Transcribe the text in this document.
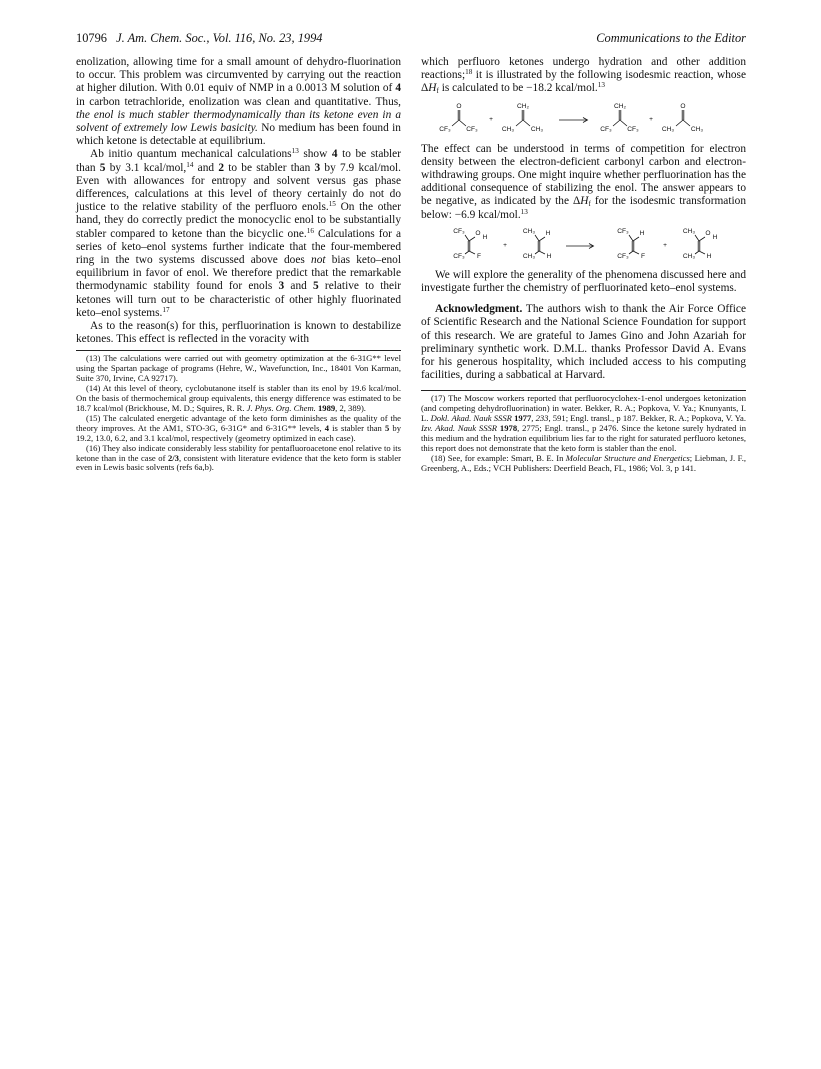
10796 J. Am. Chem. Soc., Vol. 116, No. 23, 1994	Communications to the Editor

enolization, allowing time for a small amount of dehydro-fluorination to occur. This problem was circumvented by carrying out the reaction at higher dilution. With 0.01 equiv of NMP in a 0.0013 M solution of 4 in carbon tetrachloride, enolization was clean and quantitative. Thus, the enol is much stabler thermodynamically than its ketone even in a solvent of extremely low Lewis basicity. No medium has been found in which ketone is detectable at equilibrium.

Ab initio quantum mechanical calculations$^{13}$ show 4 to be stabler than 5 by 3.1 kcal/mol,$^{14}$ and 2 to be stabler than 3 by 7.9 kcal/mol. Even with allowances for entropy and solvent versus gas phase differences, calculations at this level of theory certainly do not do justice to the relative stability of the perfluoro enols.$^{15}$ On the other hand, they do correctly predict the monocyclic enol to be substantially stabler compared to ketone than the bicyclic one.$^{16}$ Calculations for a series of keto–enol systems further indicate that the four-membered ring in the two systems discussed above does not bias keto–enol equilibrium in favor of enol. We therefore predict that the remarkable thermodynamic stability found for enols 3 and 5 relative to their ketones will turn out to be characteristic of other highly fluorinated keto–enol systems.$^{17}$

As to the reason(s) for this, perfluorination is known to destabilize ketones. This effect is reflected in the voracity with

(13) The calculations were carried out with geometry optimization at the 6-31G** level using the Spartan package of programs (Hehre, W., Wavefunction, Inc., 18401 Von Karman, Suite 370, Irvine, CA 92717).

(14) At this level of theory, cyclobutanone itself is stabler than its enol by 19.6 kcal/mol. On the basis of thermochemical group equivalents, this energy difference was estimated to be 18.7 kcal/mol (Brickhouse, M. D.; Squires, R. R. J. Phys. Org. Chem. 1989, 2, 389).

(15) The calculated energetic advantage of the keto form diminishes as the quality of the theory improves. At the AM1, STO-3G, 6-31G* and 6-31G** levels, 4 is stabler than 5 by 19.2, 13.0, 6.2, and 3.1 kcal/mol, respectively (geometry optimized in each case).

(16) They also indicate considerably less stability for pentafluoroacetone enol relative to its ketone than in the case of 2/3, consistent with literature evidence that the keto form is stabler even in Lewis basic solvents (refs 6a,b).

which perfluoro ketones undergo hydration and other addition reactions;$^{18}$ it is illustrated by the following isodesmic reaction, whose $\Delta H_f$ is calculated to be −18.2 kcal/mol.$^{13}$

O
CF₃ CF₃
+
CH₂
CH₃	CH₃
CH₂
CF₃ CF₃
+
O
CH₃	CH₃

The effect can be understood in terms of competition for electron density between the electron-deficient carbonyl carbon and electron-withdrawing groups. One might inquire whether perfluorination has the additional consequence of stabilizing the enol. The answer appears to be negative, as indicated by the $\Delta H_f$ for the isodesmic transformation below: −6.9 kcal/mol.$^{13}$

CF₃
CF₃
O
H
F
+
CH₃
CH₃
H
H
CF₃
CF₃
H
F
+
CH₃
CH₃
O
H
H

We will explore the generality of the phenomena discussed here and investigate further the chemistry of perfluorinated keto–enol systems.

Acknowledgment. The authors wish to thank the Air Force Office of Scientific Research and the National Science Foundation for support of this research. We are grateful to James Gino and John Azariah for preliminary synthetic work. D.M.L. thanks Professor David A. Evans for his generous hospitality, which included access to his computing facilities, during a sabbatical at Harvard.

(17) The Moscow workers reported that perfluorocyclohex-1-enol undergoes ketonization (and competing dehydrofluorination) in water. Bekker, R. A.; Popkova, V. Ya.; Knunyants, I. L. Dokl. Akad. Nauk SSSR 1977, 233, 591; Engl. transl., p 187. Bekker, R. A.; Popkova, V. Ya. Izv. Akad. Nauk SSSR 1978, 2775; Engl. transl., p 2476. Since the ketone surely hydrated in this medium and the hydration equilibrium lies far to the right for saturated perfluoro ketones, this report does not demonstrate that the keto form is stabler than the enol.

(18) See, for example: Smart, B. E. In Molecular Structure and Energetics; Liebman, J. F., Greenberg, A., Eds.; VCH Publishers: Deerfield Beach, FL, 1986; Vol. 3, p 141.
